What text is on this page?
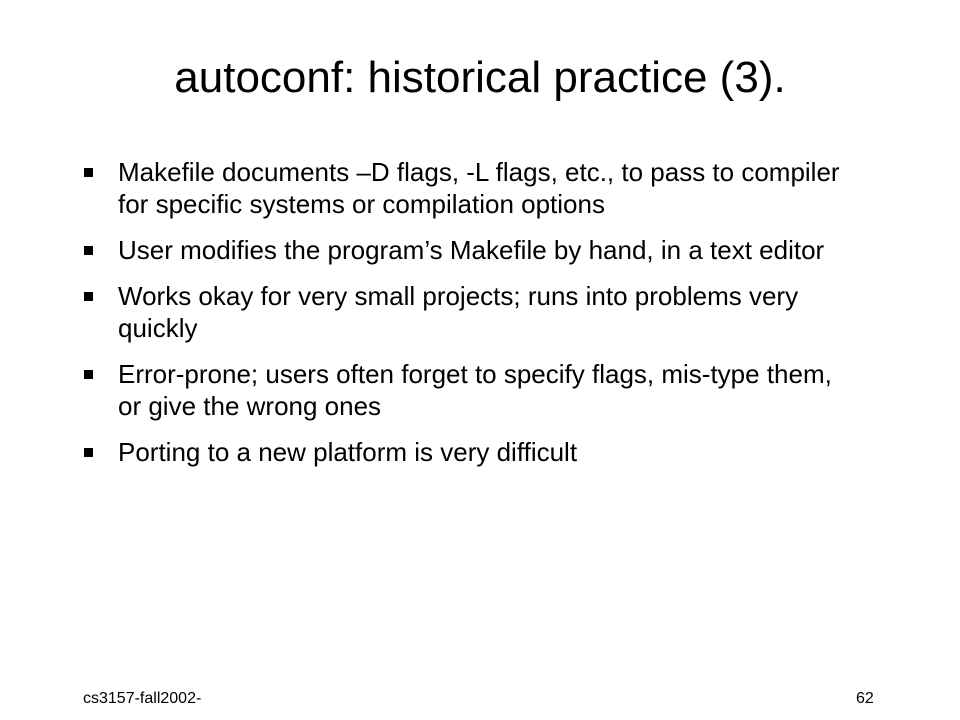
autoconf: historical practice (3).
Makefile documents –D flags, -L flags, etc., to pass to compiler for specific systems or compilation options
User modifies the program’s Makefile by hand, in a text editor
Works okay for very small projects; runs into problems very quickly
Error-prone; users often forget to specify flags, mis-type them, or give the wrong ones
Porting to a new platform is very difficult
cs3157-fall2002-	62
